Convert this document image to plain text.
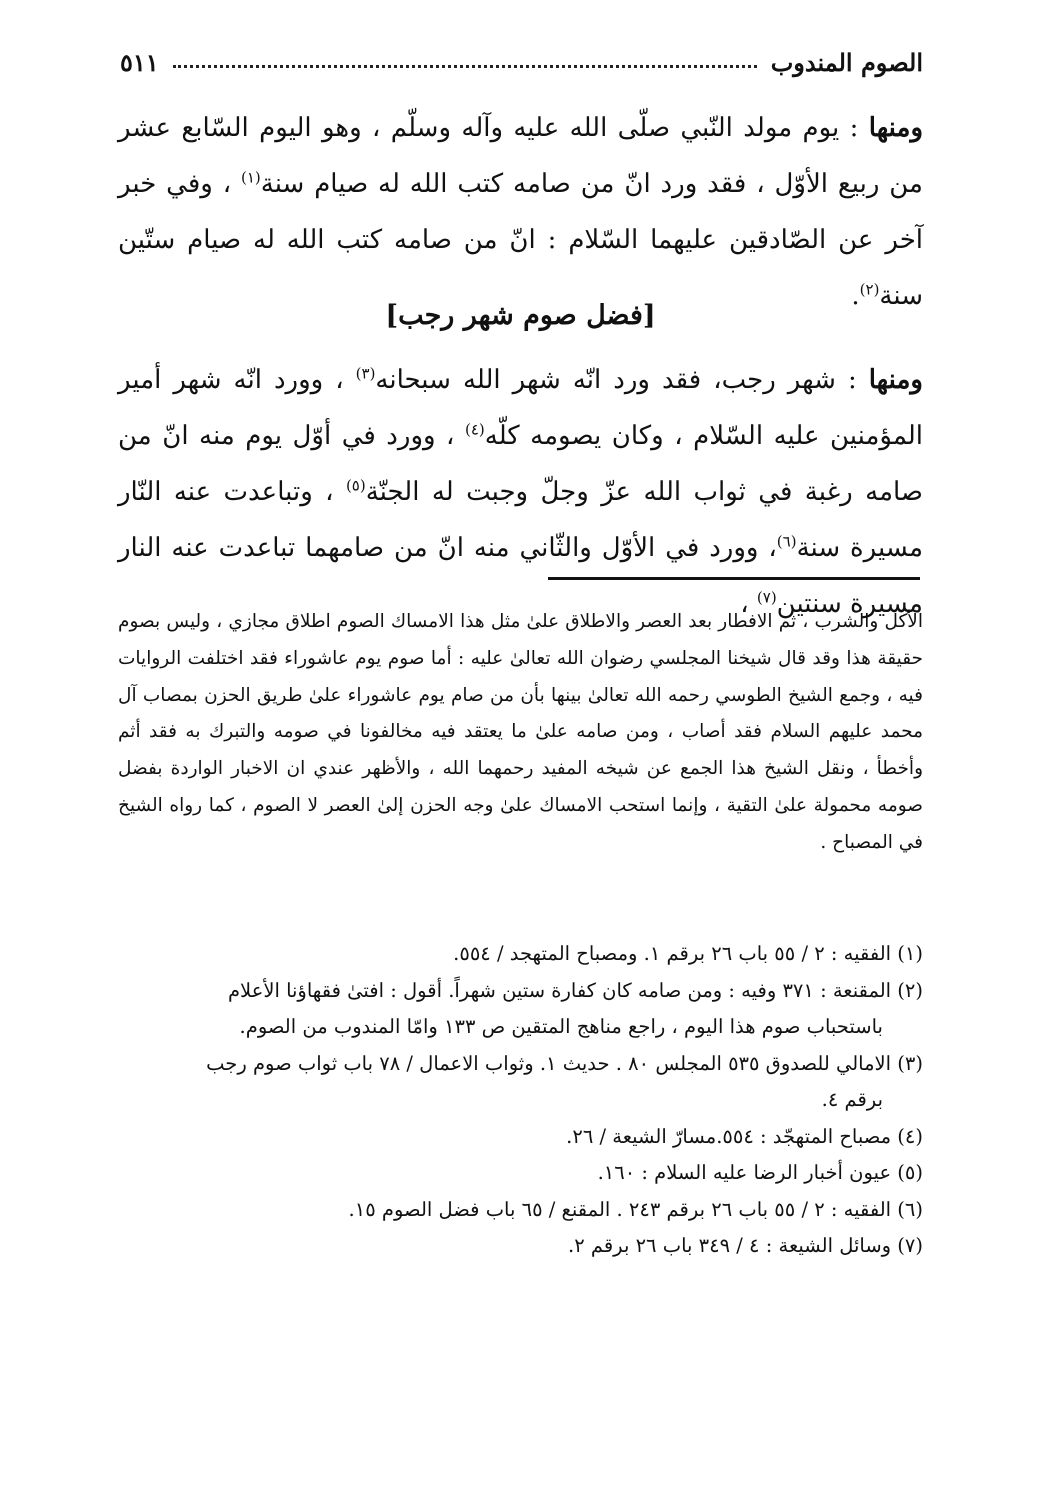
الصوم المندوب
٥١١

ومنها : يوم مولد النّبي صلّى الله عليه وآله وسلّم ، وهو اليوم السّابع عشر من ربيع الأوّل ، فقد ورد انّ من صامه كتب الله له صيام سنة$^{(١)}$ ، وفي خبر آخر عن الصّادقين عليهما السّلام : انّ من صامه كتب الله له صيام ستّين سنة$^{(٢)}$.

[فضل صوم شهر رجب]

ومنها : شهر رجب، فقد ورد انّه شهر الله سبحانه$^{(٣)}$ ، وورد انّه شهر أمير المؤمنين عليه السّلام ، وكان يصومه كلّه$^{(٤)}$ ، وورد في أوّل يوم منه انّ من صامه رغبة في ثواب الله عزّ وجلّ وجبت له الجنّة$^{(٥)}$ ، وتباعدت عنه النّار مسيرة سنة$^{(٦)}$، وورد في الأوّل والثّاني منه انّ من صامهما تباعدت عنه النار مسيرة سنتين$^{(٧)}$ ،

الأكل والشرب ، ثم الافطار بعد العصر والاطلاق علىٰ مثل هذا الامساك الصوم اطلاق مجازي ، وليس بصوم حقيقة هذا وقد قال شيخنا المجلسي رضوان الله تعالىٰ عليه : أما صوم يوم عاشوراء فقد اختلفت الروايات فيه ، وجمع الشيخ الطوسي رحمه الله تعالىٰ بينها بأن من صام يوم عاشوراء علىٰ طريق الحزن بمصاب آل محمد عليهم السلام فقد أصاب ، ومن صامه علىٰ ما يعتقد فيه مخالفونا في صومه والتبرك به فقد أثم وأخطأ ، ونقل الشيخ هذا الجمع عن شيخه المفيد رحمهما الله ، والأظهر عندي ان الاخبار الواردة بفضل صومه محمولة علىٰ التقية ، وإنما استحب الامساك علىٰ وجه الحزن إلىٰ العصر لا الصوم ، كما رواه الشيخ في المصباح .

(١) الفقيه : ٢ / ٥٥ باب ٢٦ برقم ١. ومصباح المتهجد / ٥٥٤.
(٢) المقنعة : ٣٧١ وفيه : ومن صامه كان كفارة ستين شهراً. أقول : افتىٰ فقهاؤنا الأعلام
باستحباب صوم هذا اليوم ، راجع مناهج المتقين ص ١٣٣ وامّا المندوب من الصوم.
(٣) الامالي للصدوق ٥٣٥ المجلس ٨٠ . حديث ١. وثواب الاعمال / ٧٨ باب ثواب صوم رجب
برقم ٤.
(٤) مصباح المتهجّد : ٥٥٤.مسارّ الشيعة / ٢٦.
(٥) عيون أخبار الرضا عليه السلام : ١٦٠.
(٦) الفقيه : ٢ / ٥٥ باب ٢٦ برقم ٢٤٣ . المقنع / ٦٥ باب فضل الصوم ١٥.
(٧) وسائل الشيعة : ٤ / ٣٤٩ باب ٢٦ برقم ٢.
